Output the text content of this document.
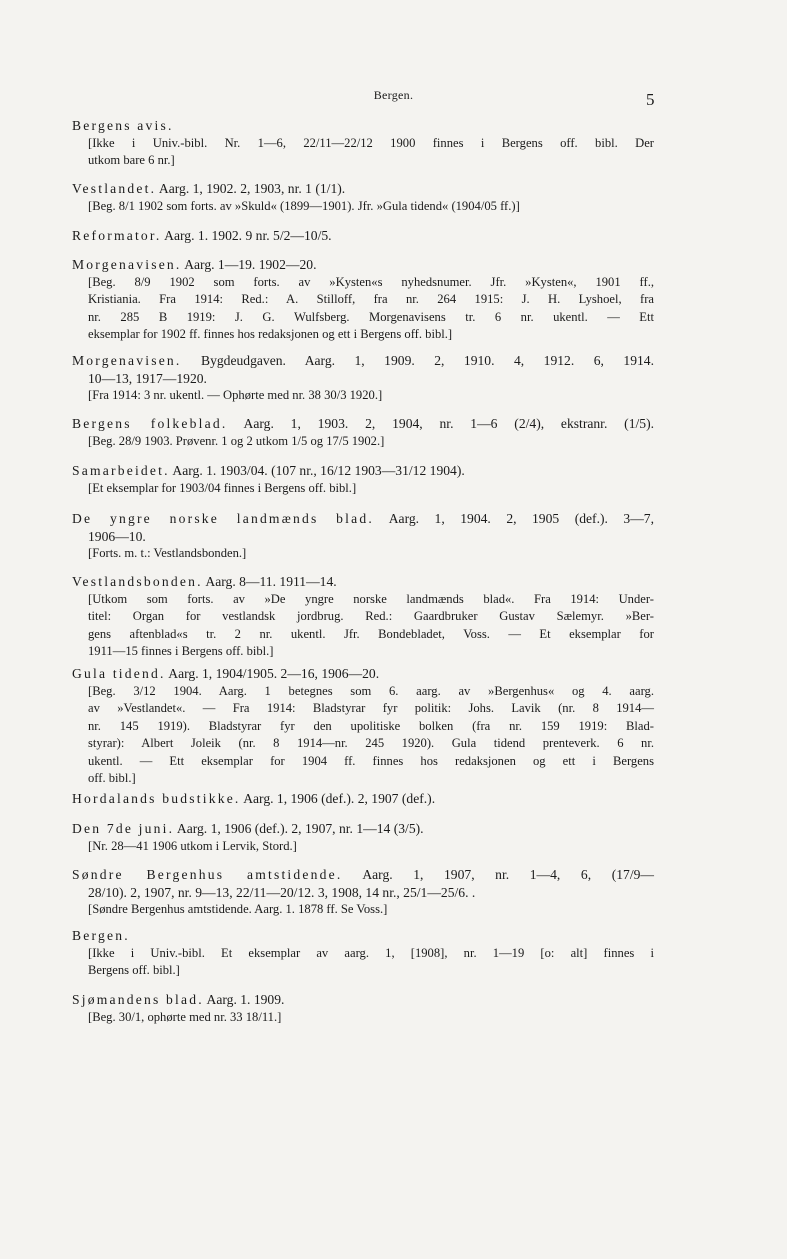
Bergen.	5
Bergens avis.
[Ikke i Univ.-bibl. Nr. 1—6, 22/11—22/12 1900 finnes i Bergens off. bibl. Der
utkom bare 6 nr.]
Vestlandet. Aarg. 1, 1902. 2, 1903, nr. 1 (1/1).
[Beg. 8/1 1902 som forts. av »Skuld« (1899—1901). Jfr. »Gula tidend« (1904/05 ff.)]
Reformator. Aarg. 1. 1902. 9 nr. 5/2—10/5.
Morgenavisen. Aarg. 1—19. 1902—20.
[Beg. 8/9 1902 som forts. av »Kysten«s nyhedsnumer. Jfr. »Kysten«, 1901 ff.,
Kristiania. Fra 1914: Red.: A. Stilloff, fra nr. 264 1915: J. H. Lyshoel, fra
nr. 285 B 1919: J. G. Wulfsberg. Morgenavisens tr. 6 nr. ukentl. — Ett
eksemplar for 1902 ff. finnes hos redaksjonen og ett i Bergens off. bibl.]
Morgenavisen. Bygdeudgaven. Aarg. 1, 1909. 2, 1910. 4, 1912. 6, 1914.
10—13, 1917—1920.
[Fra 1914: 3 nr. ukentl. — Ophørte med nr. 38 30/3 1920.]
Bergens folkeblad. Aarg. 1, 1903. 2, 1904, nr. 1—6 (2/4), ekstranr. (1/5).
[Beg. 28/9 1903. Prøvenr. 1 og 2 utkom 1/5 og 17/5 1902.]
Samarbeidet. Aarg. 1. 1903/04. (107 nr., 16/12 1903—31/12 1904).
[Et eksemplar for 1903/04 finnes i Bergens off. bibl.]
De yngre norske landmænds blad. Aarg. 1, 1904. 2, 1905 (def.). 3—7,
1906—10.
[Forts. m. t.: Vestlandsbonden.]
Vestlandsbonden. Aarg. 8—11. 1911—14.
[Utkom som forts. av »De yngre norske landmænds blad«. Fra 1914: Under-
titel: Organ for vestlandsk jordbrug. Red.: Gaardbruker Gustav Sælemyr. »Ber-
gens aftenblad«s tr. 2 nr. ukentl. Jfr. Bondebladet, Voss. — Et eksemplar for
1911—15 finnes i Bergens off. bibl.]
Gula tidend. Aarg. 1, 1904/1905. 2—16, 1906—20.
[Beg. 3/12 1904. Aarg. 1 betegnes som 6. aarg. av »Bergenhus« og 4. aarg.
av »Vestlandet«. — Fra 1914: Bladstyrar fyr politik: Johs. Lavik (nr. 8 1914—
nr. 145 1919). Bladstyrar fyr den upolitiske bolken (fra nr. 159 1919: Blad-
styrar): Albert Joleik (nr. 8 1914—nr. 245 1920). Gula tidend prenteverk. 6 nr.
ukentl. — Ett eksemplar for 1904 ff. finnes hos redaksjonen og ett i Bergens
off. bibl.]
Hordalands budstikke. Aarg. 1, 1906 (def.). 2, 1907 (def.).
Den 7de juni. Aarg. 1, 1906 (def.). 2, 1907, nr. 1—14 (3/5).
[Nr. 28—41 1906 utkom i Lervik, Stord.]
Søndre Bergenhus amtstidende. Aarg. 1, 1907, nr. 1—4, 6, (17/9—
28/10). 2, 1907, nr. 9—13, 22/11—20/12. 3, 1908, 14 nr., 25/1—25/6. .
[Søndre Bergenhus amtstidende. Aarg. 1. 1878 ff. Se Voss.]
Bergen.
[Ikke i Univ.-bibl. Et eksemplar av aarg. 1, [1908], nr. 1—19 [o: alt] finnes i
Bergens off. bibl.]
Sjømandens blad. Aarg. 1. 1909.
[Beg. 30/1, ophørte med nr. 33 18/11.]
